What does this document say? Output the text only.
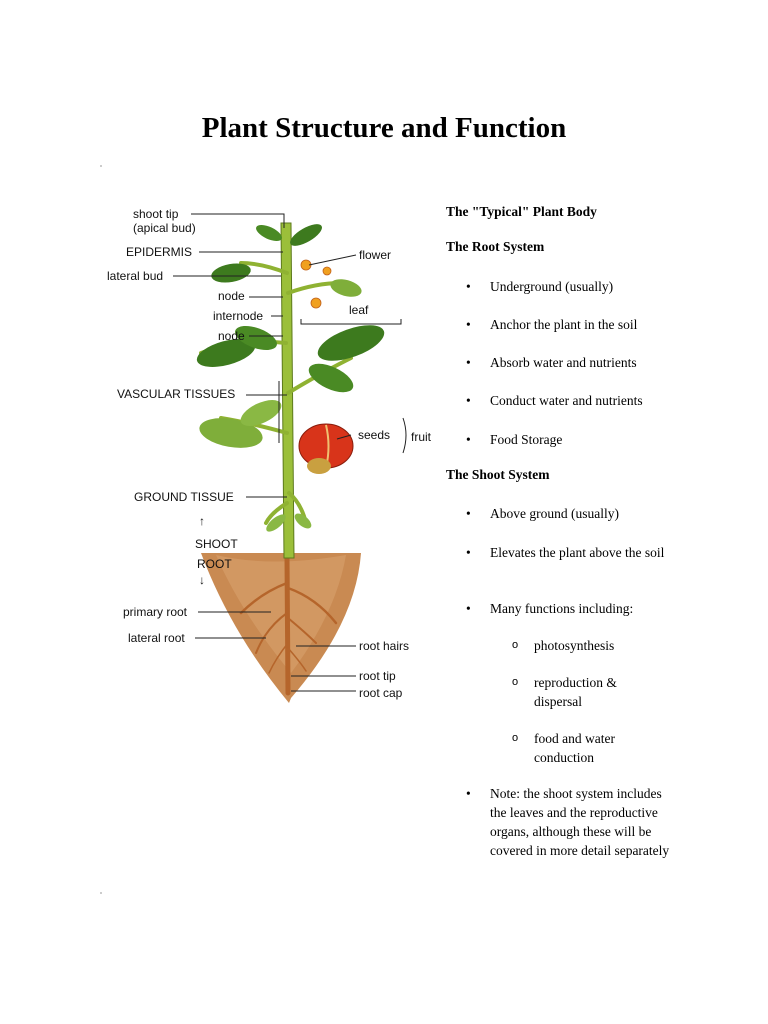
Plant Structure and Function
shoot tip
(apical bud)
EPIDERMIS
lateral bud
node
internode
node
VASCULAR TISSUES
GROUND TISSUE
↑
SHOOT
ROOT
↓
primary root
lateral root
flower
leaf
seeds fruit
root hairs
root tip
root cap
The "Typical" Plant Body
The Root System
• Underground (usually)
• Anchor the plant in the soil
• Absorb water and nutrients
• Conduct water and nutrients
• Food Storage
The Shoot System
• Above ground (usually)
• Elevates the plant above the soil
• Many functions including:
o photosynthesis
o reproduction & dispersal
o food and water conduction
• Note: the shoot system includes the leaves and the reproductive organs, although these will be covered in more detail separately
